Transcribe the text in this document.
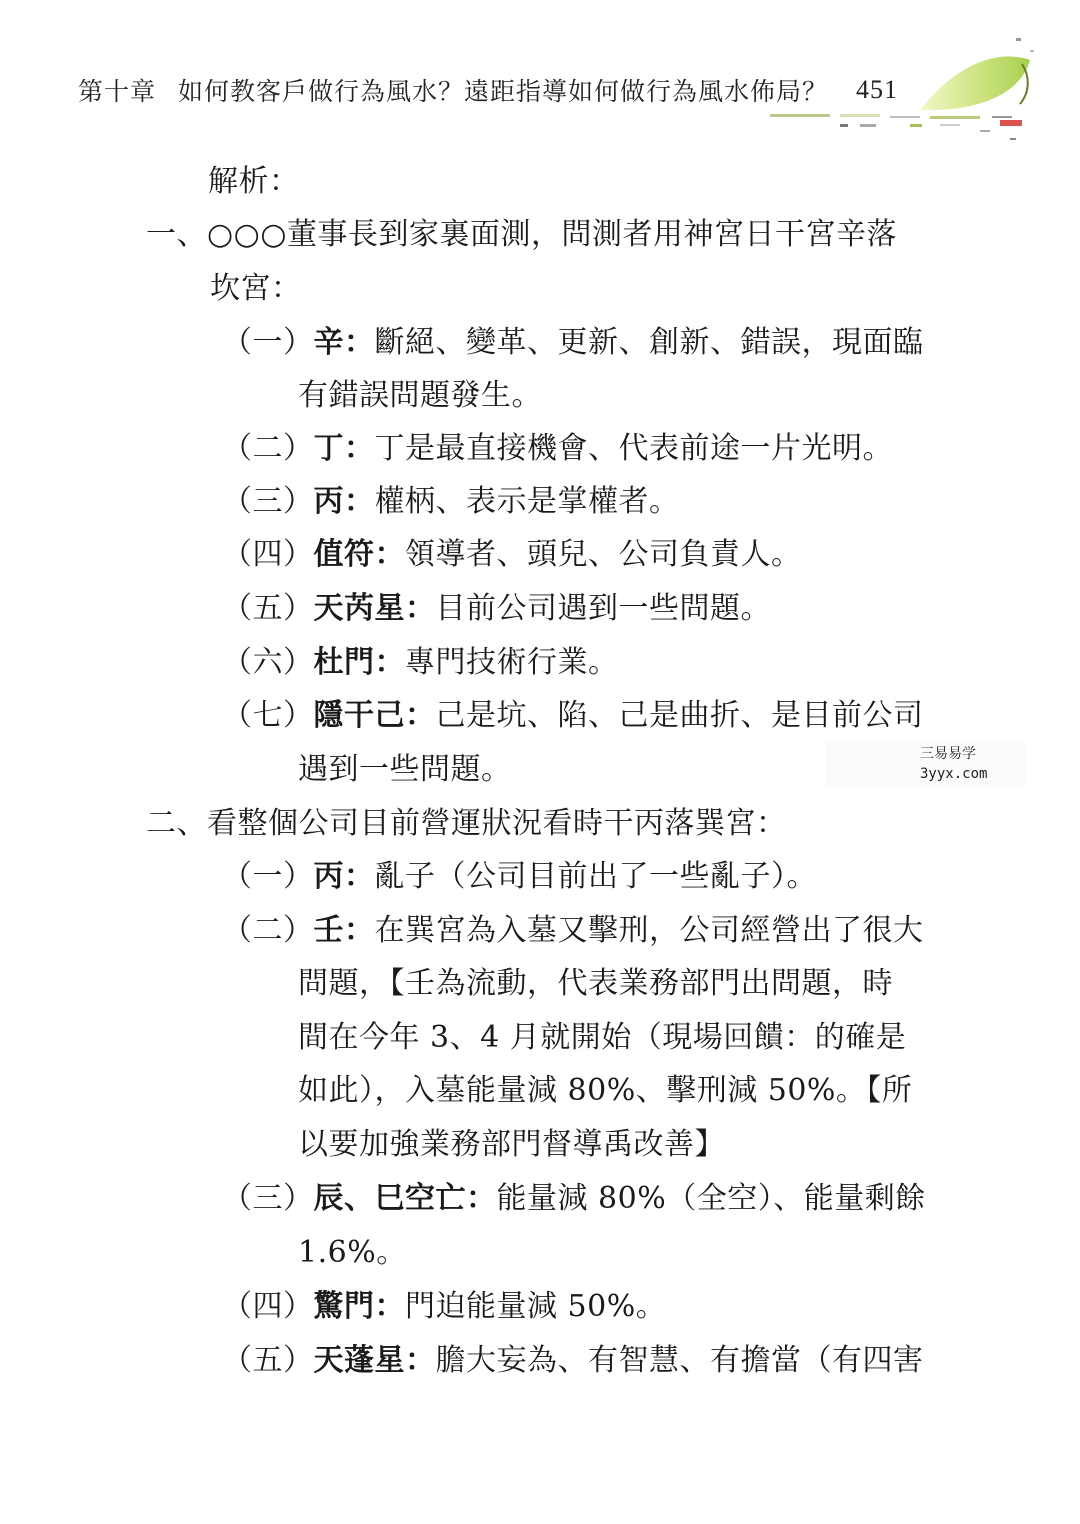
第十章 如何教客戶做行為風水？遠距指導如何做行為風水佈局？ 451
解析：
一、○○○董事長到家裏面測，問測者用神宮日干宮辛落
坎宮：
（一）辛：斷絕、變革、更新、創新、錯誤，現面臨
有錯誤問題發生。
（二）丁：丁是最直接機會、代表前途一片光明。
（三）丙：權柄、表示是掌權者。
（四）值符：領導者、頭兒、公司負責人。
（五）天芮星：目前公司遇到一些問題。
（六）杜門：專門技術行業。
（七）隱干己：己是坑、陷、己是曲折、是目前公司
遇到一些問題。
二、看整個公司目前營運狀況看時干丙落巽宮：
（一）丙：亂子（公司目前出了一些亂子）。
（二）壬：在巽宮為入墓又擊刑，公司經營出了很大
問題，【壬為流動，代表業務部門出問題，時
間在今年 3、4 月就開始（現場回饋：的確是
如此），入墓能量減 80%、擊刑減 50%。【所
以要加強業務部門督導禹改善】
（三）辰、巳空亡：能量減 80%（全空）、能量剩餘
1.6%。
（四）驚門：門迫能量減 50%。
（五）天蓬星：膽大妄為、有智慧、有擔當（有四害
三易易学
3yyx.com
